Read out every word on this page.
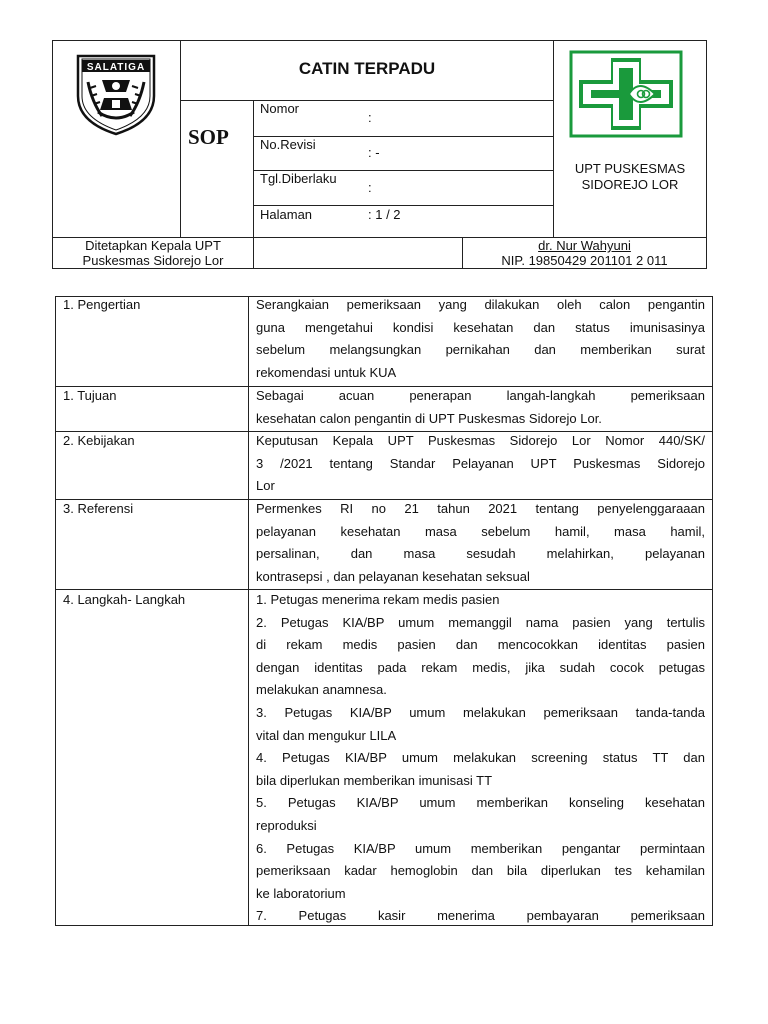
SALATIGA	CATIN TERPADU
SOP
Nomor
:
No.Revisi
: -
Tgl.Diberlaku
:
Halaman	: 1 / 2
UPT PUSKESMAS
SIDOREJO LOR
Ditetapkan Kepala UPT
Puskesmas Sidorejo Lor
dr. Nur Wahyuni
NIP. 19850429 201101 2 011
1. Pengertian	Serangkaian pemeriksaan yang dilakukan oleh calon pengantin

guna mengetahui kondisi kesehatan dan status imunisasinya

sebelum melangsungkan pernikahan dan memberikan surat

rekomendasi untuk KUA

1. Tujuan	Sebagai acuan penerapan langah-langkah pemeriksaan

kesehatan calon pengantin di UPT Puskesmas Sidorejo Lor.

2. Kebijakan	Keputusan Kepala UPT Puskesmas Sidorejo Lor Nomor 440/SK/

3 /2021 tentang Standar Pelayanan UPT Puskesmas Sidorejo

Lor

3. Referensi	Permenkes RI no 21 tahun 2021 tentang penyelenggaraaan

pelayanan kesehatan masa sebelum hamil, masa hamil,

persalinan, dan masa sesudah melahirkan, pelayanan

kontrasepsi , dan pelayanan kesehatan seksual

4. Langkah- Langkah	1. Petugas menerima rekam medis pasien

2. Petugas KIA/BP umum memanggil nama pasien yang tertulis

di rekam medis pasien dan mencocokkan identitas pasien

dengan identitas pada rekam medis, jika sudah cocok petugas

melakukan anamnesa.

3. Petugas KIA/BP umum melakukan pemeriksaan tanda-tanda

vital dan mengukur LILA

4. Petugas KIA/BP umum melakukan screening status TT dan

bila diperlukan memberikan imunisasi TT

5. Petugas KIA/BP umum memberikan konseling kesehatan

reproduksi

6. Petugas KIA/BP umum memberikan pengantar permintaan

pemeriksaan kadar hemoglobin dan bila diperlukan tes kehamilan

ke laboratorium

7. Petugas kasir menerima pembayaran pemeriksaan
